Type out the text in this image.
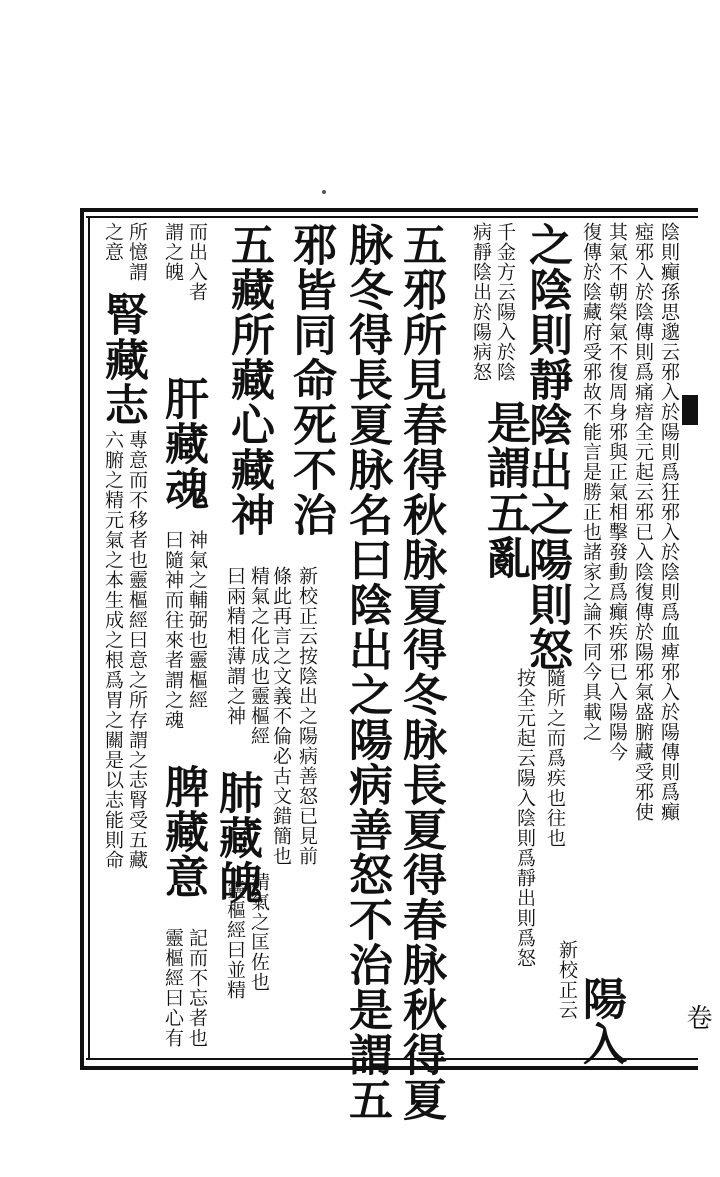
陰則癲孫思邈云邪入於陽則爲狂邪入於陰則爲血痺邪入於陽傳則爲癲
瘂邪入於陰傳則爲痛瘖全元起云邪已入陰復傳於陽邪氣盛腑藏受邪使
其氣不朝榮氣不復周身邪與正氣相擊發動爲癲疾邪已入陽陽今
復傳於陰藏府受邪故不能言是勝正也諸家之論不同今具載之
之陰則靜陰出之陽則怒
千金方云陽入於陰
病靜陰出於陽病怒
是謂五亂
隨所之而爲疾也往也
按全元起云陽入陰則爲靜出則爲怒
新校正云
陽入
五邪所見春得秋脉夏得冬脉長夏得春脉秋得夏
脉冬得長夏脉名曰陰出之陽病善怒不治是謂五
邪皆同命死不治
新校正云按陰出之陽病善怒已見前
條此再言之文義不倫必古文錯簡也
五藏所藏心藏神
精氣之化成也靈樞經
曰兩精相薄謂之神
肺藏魄
精氣之匡佐也
靈樞經曰並精
而出入者
謂之魄
肝藏魂
神氣之輔弼也靈樞經
曰隨神而往來者謂之魂
脾藏意
記而不忘者也
靈樞經曰心有
所憶謂
之意
腎藏志
專意而不移者也靈樞經曰意之所存謂之志腎受五藏
六腑之精元氣之本生成之根爲胃之關是以志能則命
卷
